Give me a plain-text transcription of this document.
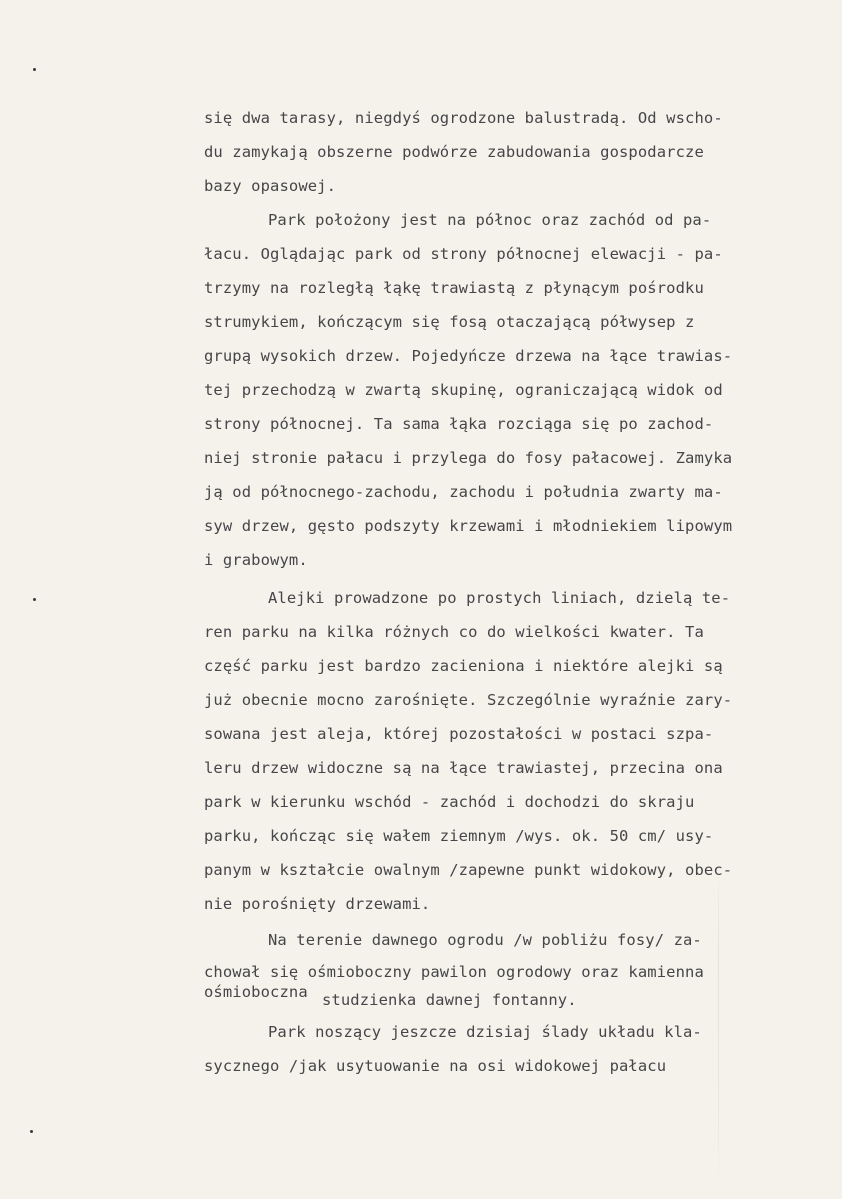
się dwa tarasy, niegdyś ogrodzone balustradą. Od wscho-
du zamykają obszerne podwórze zabudowania gospodarcze
bazy opasowej.
Park położony jest na północ oraz zachód od pa-
łacu. Oglądając park od strony północnej elewacji - pa-
trzymy na rozległą łąkę trawiastą z płynącym pośrodku
strumykiem, kończącym się fosą otaczającą półwysep z
grupą wysokich drzew. Pojedyńcze drzewa na łące trawias-
tej przechodzą w zwartą skupinę, ograniczającą widok od
strony północnej. Ta sama łąka rozciąga się po zachod-
niej stronie pałacu i przylega do fosy pałacowej. Zamyka
ją od północnego-zachodu, zachodu i południa zwarty ma-
syw drzew, gęsto podszyty krzewami i młodniekiem lipowym
i grabowym.
Alejki prowadzone po prostych liniach, dzielą te-
ren parku na kilka różnych co do wielkości kwater. Ta
część parku jest bardzo zacieniona i niektóre alejki są
już obecnie mocno zarośnięte. Szczególnie wyraźnie zary-
sowana jest aleja, której pozostałości w postaci szpa-
leru drzew widoczne są na łące trawiastej, przecina ona
park w kierunku wschód - zachód i dochodzi do skraju
parku, kończąc się wałem ziemnym /wys. ok. 50 cm/ usy-
panym w kształcie owalnym /zapewne punkt widokowy, obec-
nie porośnięty drzewami.
Na terenie dawnego ogrodu /w pobliżu fosy/ za-
chował się ośmioboczny pawilon ogrodowy oraz kamienna
ośmioboczna studzienka dawnej fontanny.
Park noszący jeszcze dzisiaj ślady układu kla-
sycznego /jak usytuowanie na osi widokowej pałacu
